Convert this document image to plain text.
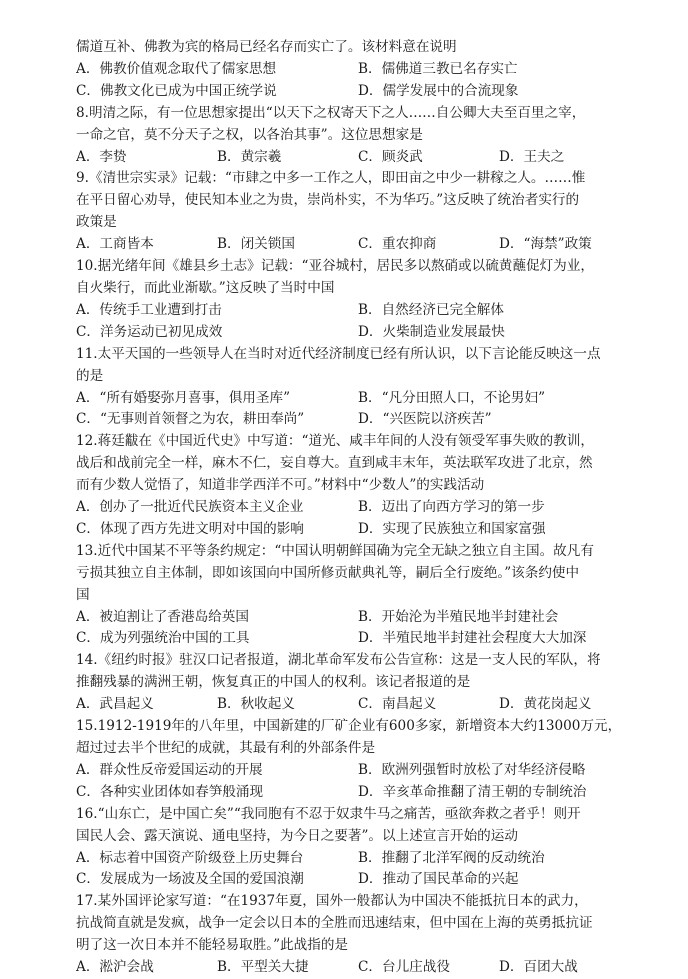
儒道互补、佛教为宾的格局已经名存而实亡了。该材料意在说明
A．佛教价值观念取代了儒家思想	B．儒佛道三教已名存实亡
C．佛教文化已成为中国正统学说	D．儒学发展中的合流现象
8.明清之际，有一位思想家提出“以天下之权寄天下之人……自公卿大夫至百里之宰，
一命之官，莫不分天子之权，以各治其事”。这位思想家是
A．李贽	B．黄宗羲	C．顾炎武	D．王夫之
9.《清世宗实录》记载：“市肆之中多一工作之人，即田亩之中少一耕稼之人。……惟
在平日留心劝导，使民知本业之为贵，崇尚朴实，不为华巧。”这反映了统治者实行的
政策是
A．工商皆本	B．闭关锁国	C．重农抑商	D．“海禁”政策
10.据光绪年间《雄县乡土志》记载：“亚谷城村，居民多以熬硝或以硫黄蘸促灯为业，
自火柴行，而此业渐歇。”这反映了当时中国
A．传统手工业遭到打击	B．自然经济已完全解体
C．洋务运动已初见成效	D．火柴制造业发展最快
11.太平天国的一些领导人在当时对近代经济制度已经有所认识，以下言论能反映这一点
的是
A．“所有婚娶弥月喜事，俱用圣库”	B．“凡分田照人口，不论男妇”
C．“无事则首领督之为农，耕田奉尚”	D．“兴医院以济疾苦”
12.蒋廷黻在《中国近代史》中写道：“道光、咸丰年间的人没有领受军事失败的教训，
战后和战前完全一样，麻木不仁，妄自尊大。直到咸丰末年，英法联军攻进了北京，然
而有少数人觉悟了，知道非学西洋不可。”材料中“少数人”的实践活动
A．创办了一批近代民族资本主义企业	B．迈出了向西方学习的第一步
C．体现了西方先进文明对中国的影响	D．实现了民族独立和国家富强
13.近代中国某不平等条约规定：“中国认明朝鲜国确为完全无缺之独立自主国。故凡有
亏损其独立自主体制，即如该国向中国所修贡献典礼等，嗣后全行废绝。”该条约使中
国
A．被迫割让了香港岛给英国	B．开始沦为半殖民地半封建社会
C．成为列强统治中国的工具	D．半殖民地半封建社会程度大大加深
14.《纽约时报》驻汉口记者报道，湖北革命军发布公告宣称：这是一支人民的军队，将
推翻残暴的满洲王朝，恢复真正的中国人的权利。该记者报道的是
A．武昌起义	B．秋收起义	C．南昌起义	D．黄花岗起义
15.1912-1919年的八年里，中国新建的厂矿企业有600多家，新增资本大约13000万元，
超过过去半个世纪的成就，其最有利的外部条件是
A．群众性反帝爱国运动的开展	B．欧洲列强暂时放松了对华经济侵略
C．各种实业团体如春笋般涌现	D．辛亥革命推翻了清王朝的专制统治
16.“山东亡，是中国亡矣”“我同胞有不忍于奴隶牛马之痛苦，亟欲奔救之者乎！则开
国民人会、露天演说、通电坚持，为今日之要著”。以上述宣言开始的运动
A．标志着中国资产阶级登上历史舞台	B．推翻了北洋军阀的反动统治
C．发展成为一场波及全国的爱国浪潮	D．推动了国民革命的兴起
17.某外国评论家写道：“在1937年夏，国外一般都认为中国决不能抵抗日本的武力，
抗战简直就是发疯，战争一定会以日本的全胜而迅速结束，但中国在上海的英勇抵抗证
明了这一次日本并不能轻易取胜。”此战指的是
A．淞沪会战	B．平型关大捷	C．台儿庄战役	D．百团大战
